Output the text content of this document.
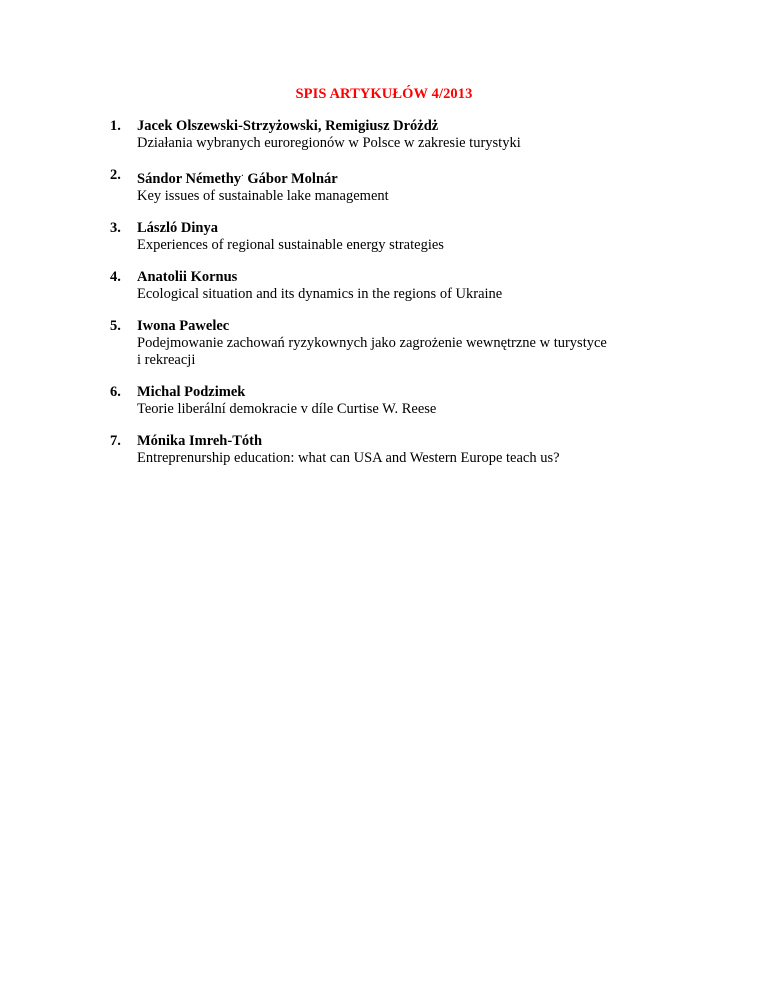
SPIS ARTYKUŁÓW 4/2013
1. Jacek Olszewski-Strzyżowski, Remigiusz Dróżdż
Działania wybranych euroregionów w Polsce w zakresie turystyki
2. Sándor Némethy· Gábor Molnár
Key issues of sustainable lake management
3. László Dinya
Experiences of regional sustainable energy strategies
4. Anatolii Kornus
Ecological situation and its dynamics in the regions of Ukraine
5. Iwona Pawelec
Podejmowanie zachowań ryzykownych jako zagrożenie wewnętrzne w turystyce
i rekreacji
6. Michal Podzimek
Teorie liberální demokracie v díle Curtise W. Reese
7. Mónika Imreh-Tóth
Entreprenurship education: what can USA and Western Europe teach us?
